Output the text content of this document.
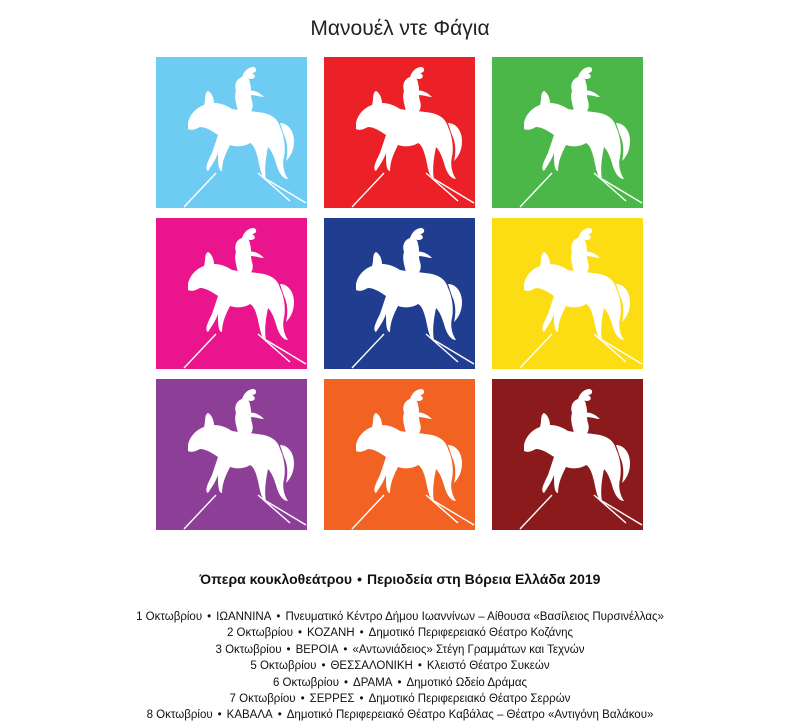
Μανουέλ ντε Φάγια
Όπερα κουκλοθεάτρου • Περιοδεία στη Βόρεια Ελλάδα 2019
1 Οκτωβρίου • ΙΩΑΝΝΙΝΑ • Πνευματικό Κέντρο Δήμου Ιωαννίνων – Αίθουσα «Βασίλειος Πυρσινέλλας»
2 Οκτωβρίου • ΚΟΖΑΝΗ • Δημοτικό Περιφερειακό Θέατρο Κοζάνης
3 Οκτωβρίου • ΒΕΡΟΙΑ • «Αντωνιάδειος» Στέγη Γραμμάτων και Τεχνών
5 Οκτωβρίου • ΘΕΣΣΑΛΟΝΙΚΗ • Κλειστό Θέατρο Συκεών
6 Οκτωβρίου • ΔΡΑΜΑ • Δημοτικό Ωδείο Δράμας
7 Οκτωβρίου • ΣΕΡΡΕΣ • Δημοτικό Περιφερειακό Θέατρο Σερρών
8 Οκτωβρίου • ΚΑΒΑΛΑ • Δημοτικό Περιφερειακό Θέατρο Καβάλας – Θέατρο «Αντιγόνη Βαλάκου»
